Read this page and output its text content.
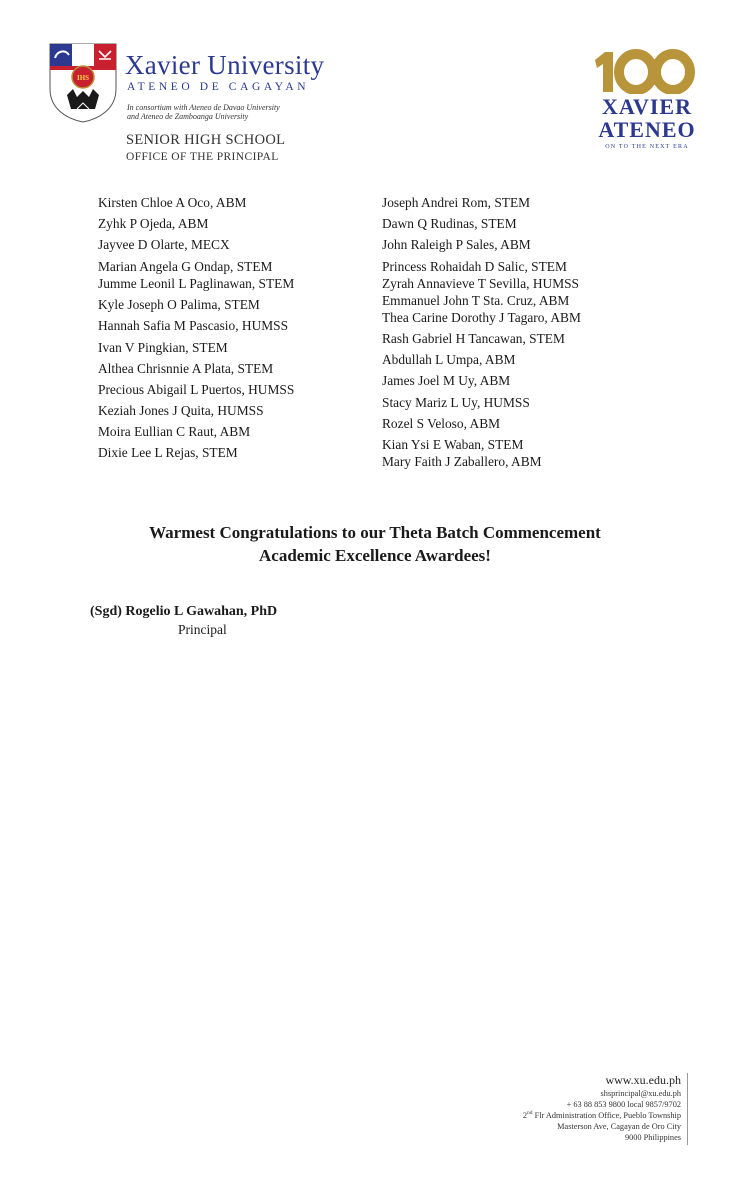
IHS Xavier University
ATENEO DE CAGAYAN
In consortium with Ateneo de Davao University
and Ateneo de Zamboanga University
SENIOR HIGH SCHOOL
OFFICE OF THE PRINCIPAL
XAVIER
ATENEO
ON TO THE NEXT ERA
Kirsten Chloe A Oco, ABM
Zyhk P Ojeda, ABM
Jayvee D Olarte, MECX
Marian Angela G Ondap, STEM
Jumme Leonil L Paglinawan, STEM
Kyle Joseph O Palima, STEM
Hannah Safia M Pascasio, HUMSS
Ivan V Pingkian, STEM
Althea Chrisnnie A Plata, STEM
Precious Abigail L Puertos, HUMSS
Keziah Jones J Quita, HUMSS
Moira Eullian C Raut, ABM
Dixie Lee L Rejas, STEM
Joseph Andrei Rom, STEM
Dawn Q Rudinas, STEM
John Raleigh P Sales, ABM
Princess Rohaidah D Salic, STEM
Zyrah Annavieve T Sevilla, HUMSS
Emmanuel John T Sta. Cruz, ABM
Thea Carine Dorothy J Tagaro, ABM
Rash Gabriel H Tancawan, STEM
Abdullah L Umpa, ABM
James Joel M Uy, ABM
Stacy Mariz L Uy, HUMSS
Rozel S Veloso, ABM
Kian Ysi E Waban, STEM
Mary Faith J Zaballero, ABM
Warmest Congratulations to our Theta Batch Commencement
Academic Excellence Awardees!
(Sgd) Rogelio L Gawahan, PhD
Principal
www.xu.edu.ph
shsprincipal@xu.edu.ph
+ 63 88 853 9800 local 9857/9702
2nd Flr Administration Office, Pueblo Township
Masterson Ave, Cagayan de Oro City
9000 Philippines
